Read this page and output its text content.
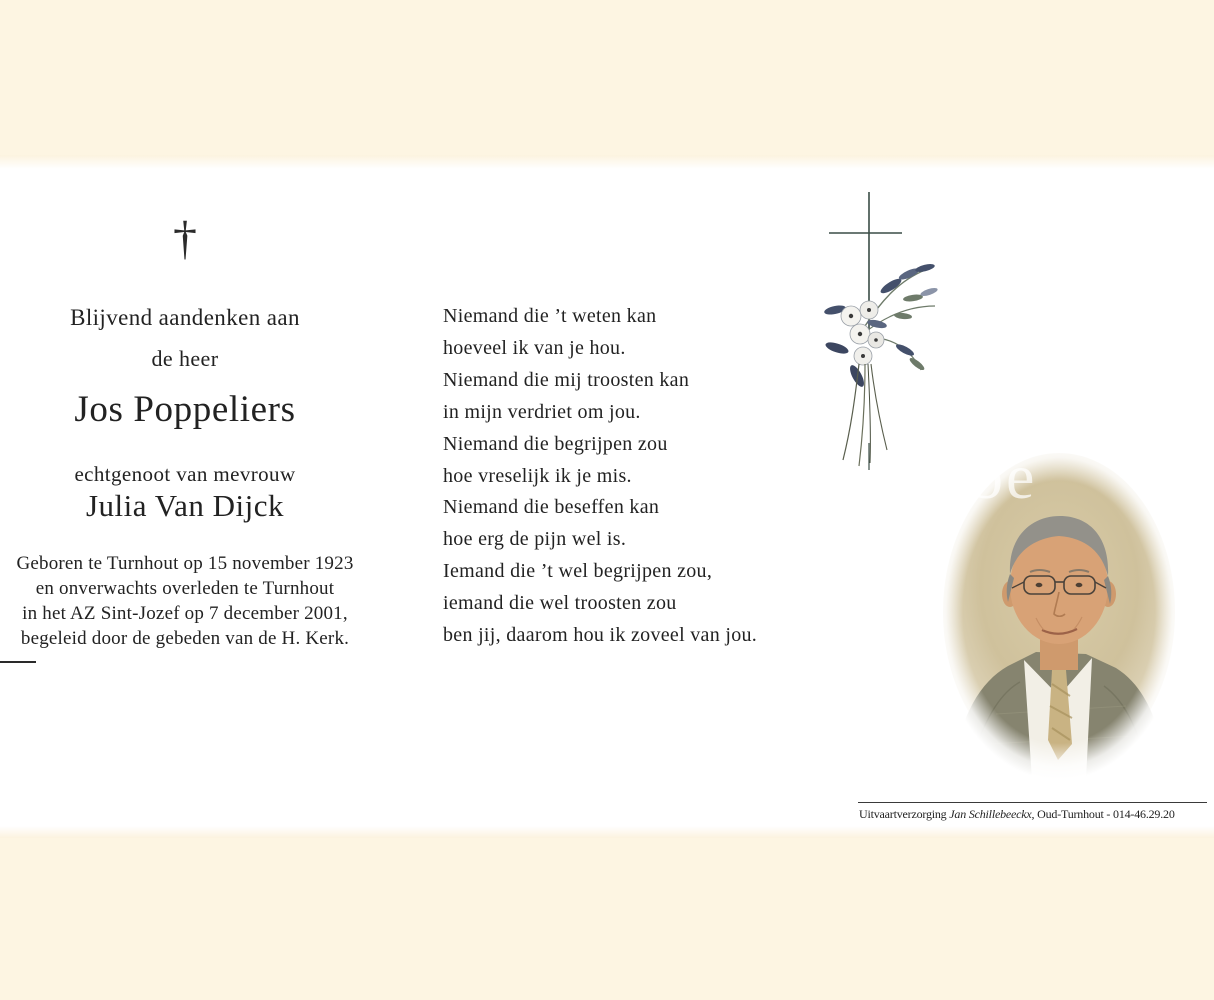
†
Blijvend aandenken aan
de heer
Jos Poppeliers
echtgenoot van mevrouw
Julia Van Dijck
Geboren te Turnhout op 15 november 1923
en onverwachts overleden te Turnhout
in het AZ Sint-Jozef op 7 december 2001,
begeleid door de gebeden van de H. Kerk.
Niemand die ’t weten kan
hoeveel ik van je hou.
Niemand die mij troosten kan
in mijn verdriet om jou.
Niemand die begrijpen zou
hoe vreselijk ik je mis.
Niemand die beseffen kan
hoe erg de pijn wel is.
Iemand die ’t wel begrijpen zou,
iemand die wel troosten zou
ben jij, daarom hou ik zoveel van jou.
.be
Uitvaartverzorging Jan Schillebeeckx, Oud-Turnhout - 014-46.29.20
